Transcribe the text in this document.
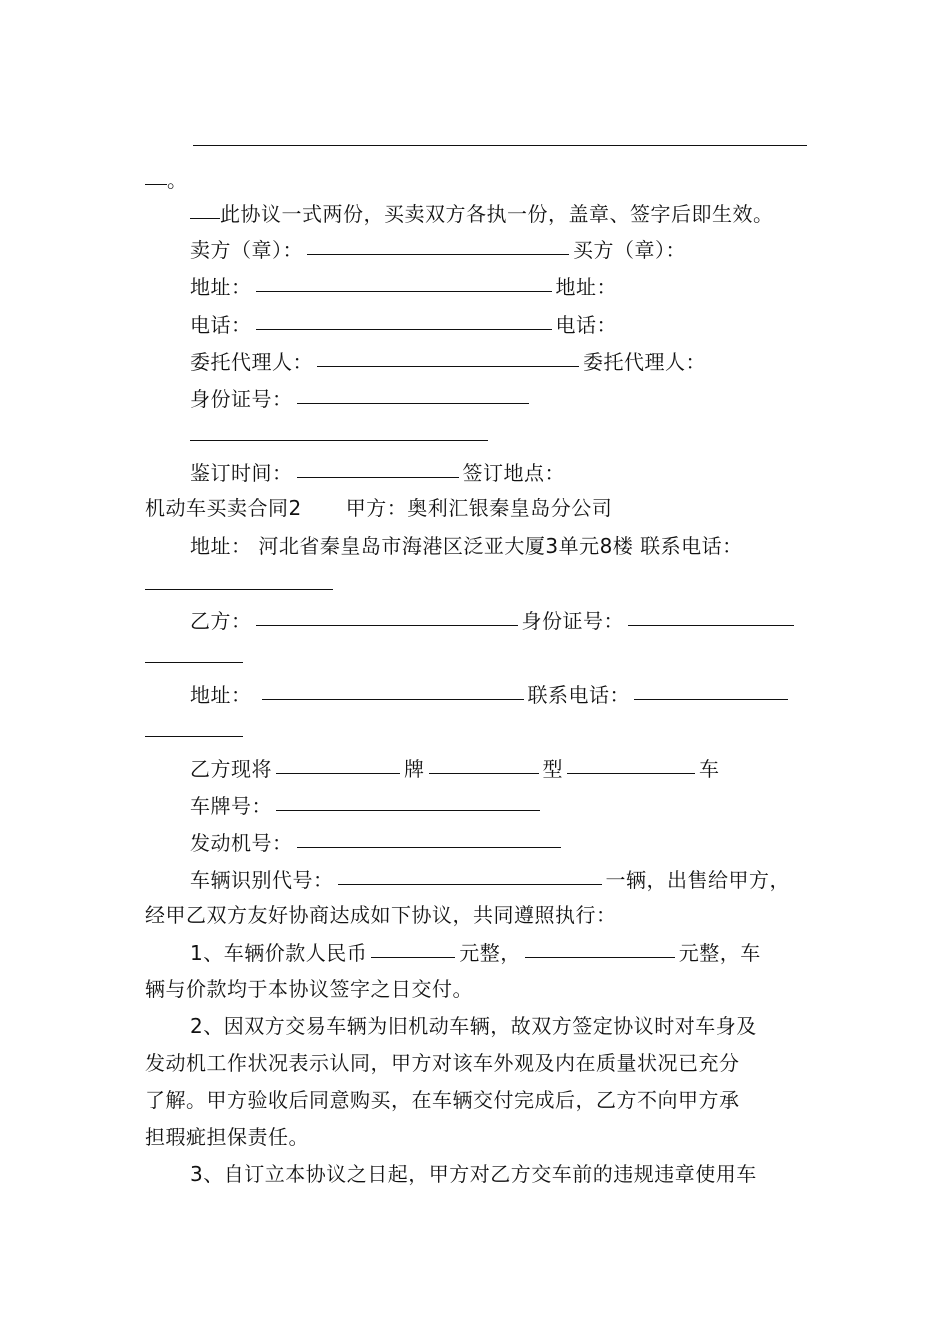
。
此协议一式两份，买卖双方各执一份，盖章、签字后即生效。
卖方（章）：	买方（章）：
地址：	地址：
电话：	电话：
委托代理人：	委托代理人：
身份证号：
鉴订时间：	签订地点：
机动车买卖合同2 甲方：奥利汇银秦皇岛分公司
地址： 河北省秦皇岛市海港区泛亚大厦3单元8楼 联系电话：
乙方：	身份证号：
地址：	联系电话：
乙方现将	牌	型	车
车牌号：
发动机号：
车辆识别代号：	一辆，出售给甲方，
经甲乙双方友好协商达成如下协议，共同遵照执行：
1、车辆价款人民币	元整，	元整，车
辆与价款均于本协议签字之日交付。
2、因双方交易车辆为旧机动车辆，故双方签定协议时对车身及
发动机工作状况表示认同，甲方对该车外观及内在质量状况已充分
了解。甲方验收后同意购买，在车辆交付完成后，乙方不向甲方承
担瑕疵担保责任。
3、自订立本协议之日起，甲方对乙方交车前的违规违章使用车
